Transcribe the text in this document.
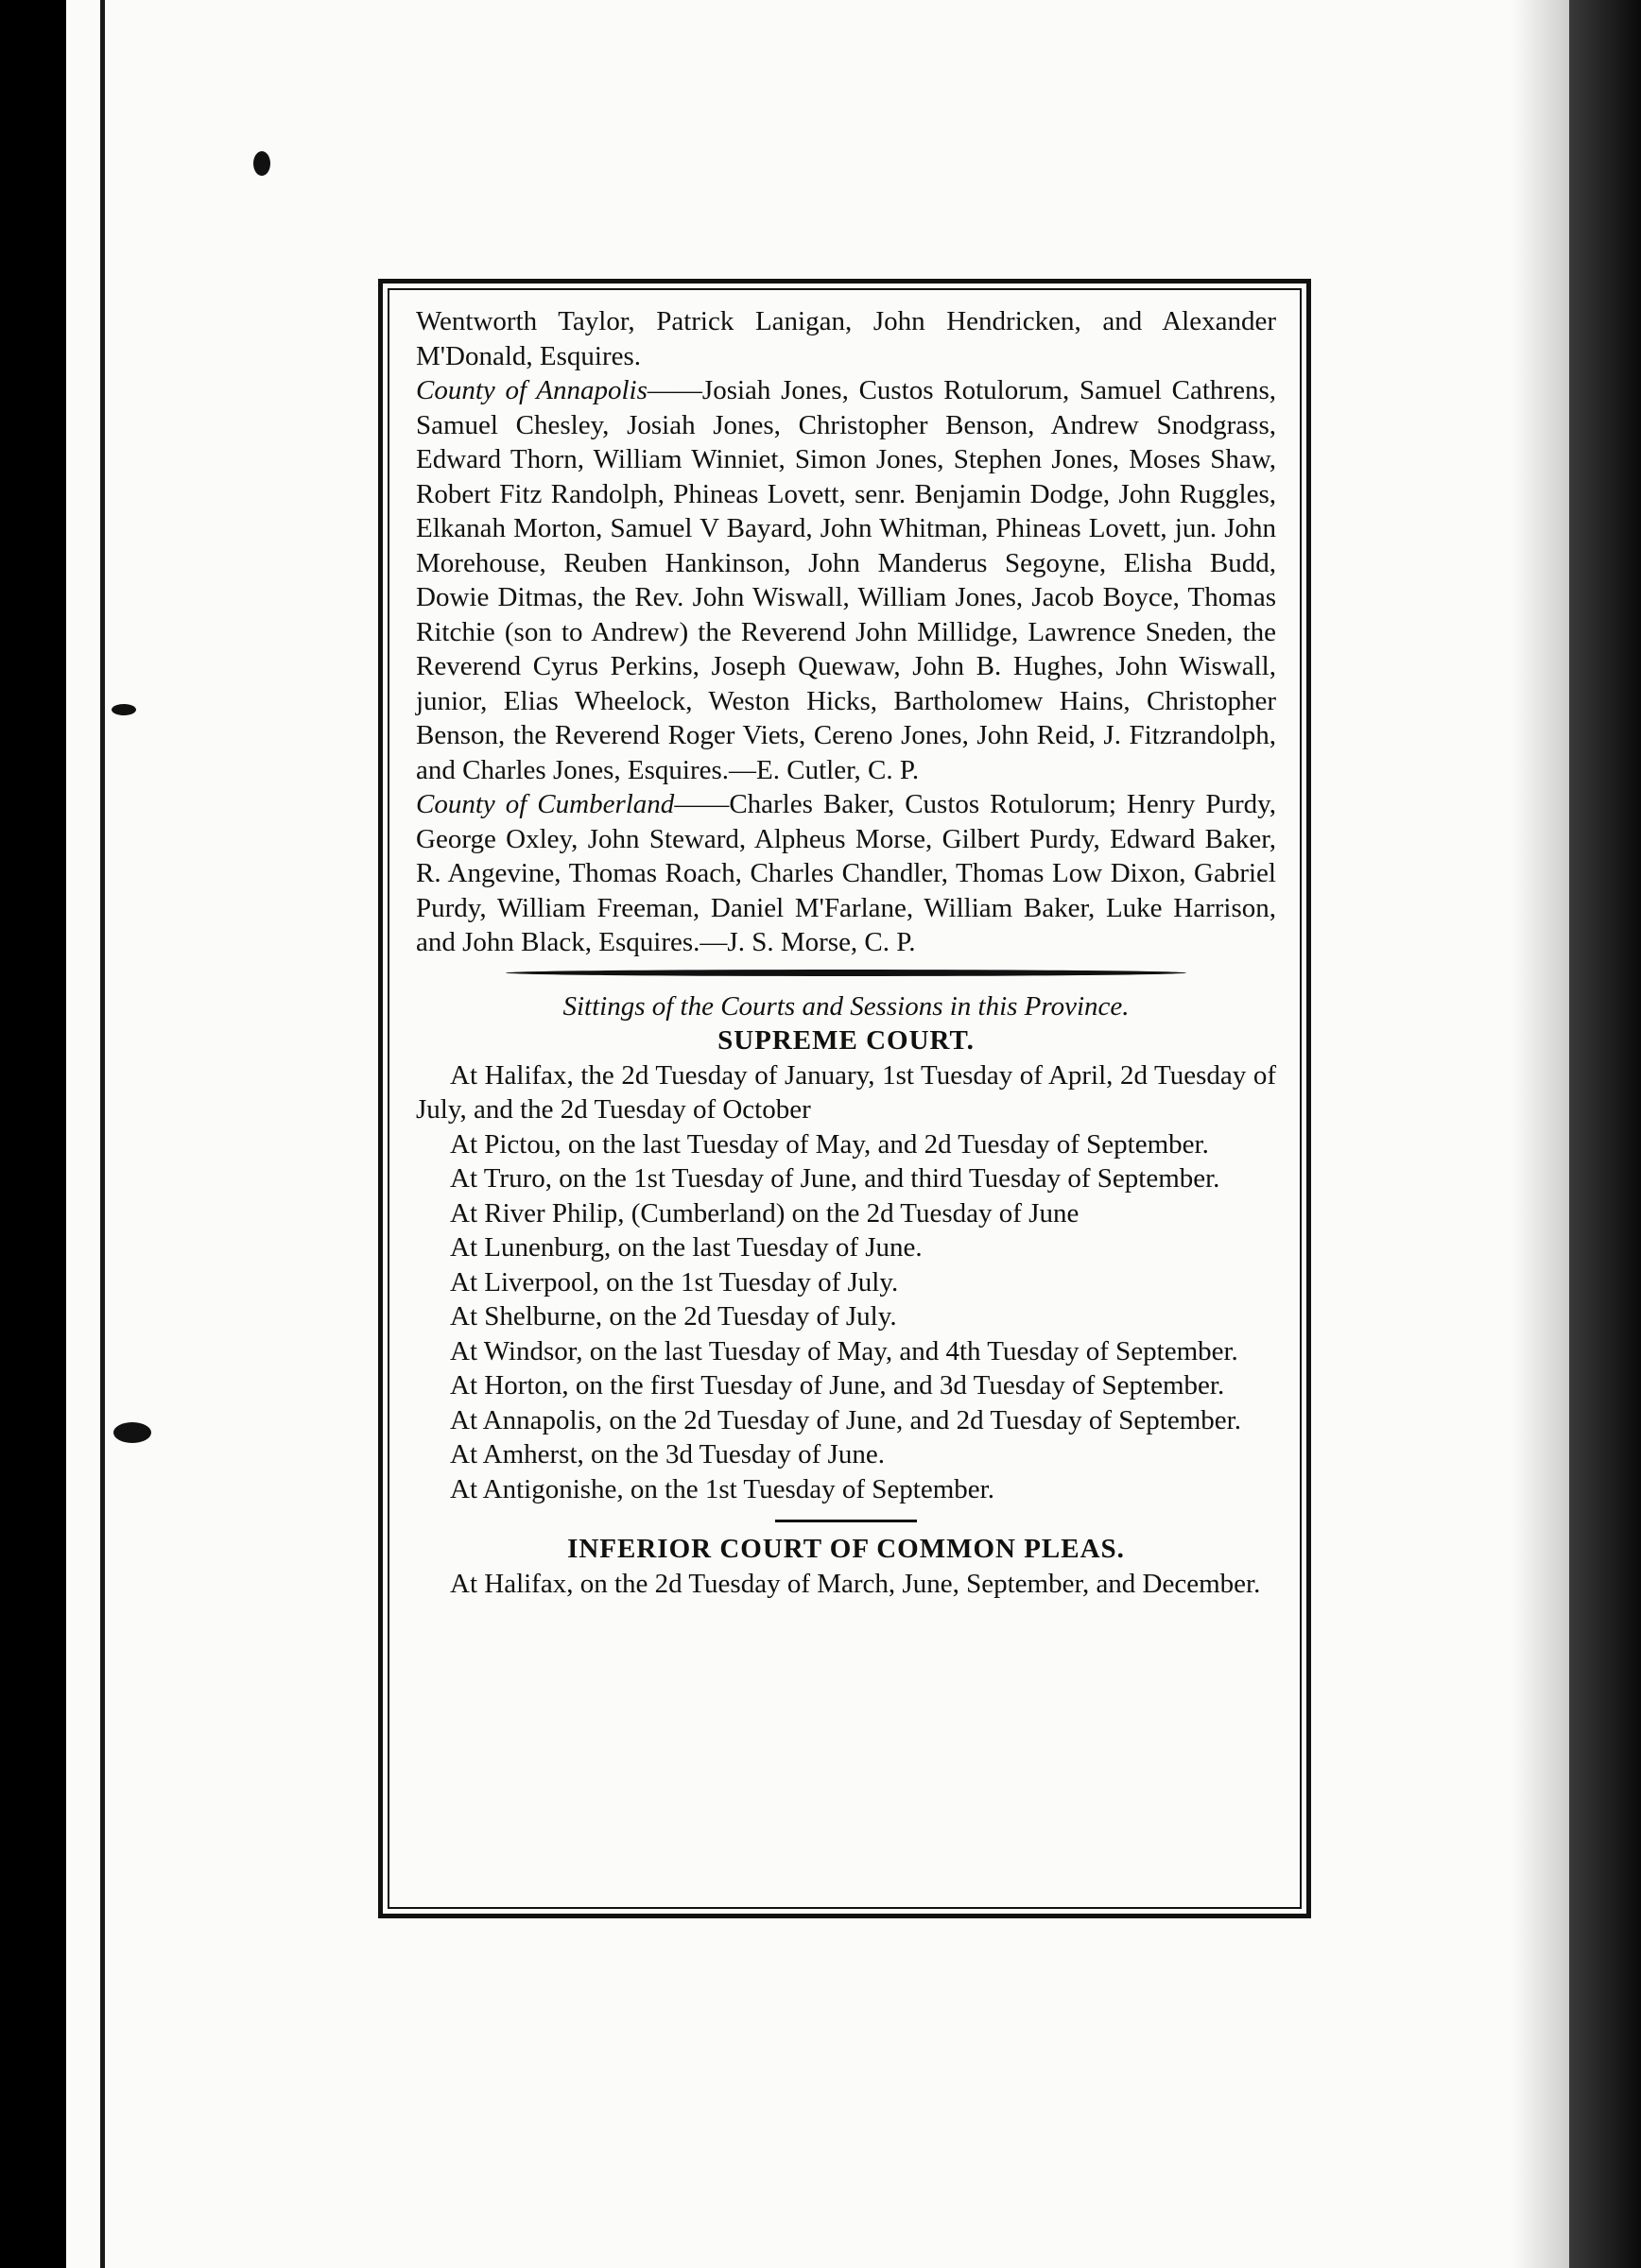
Wentworth Taylor, Patrick Lanigan, John Hendricken, and Alexander M'Donald, Esquires.

County of Annapolis——Josiah Jones, Custos Rotulorum, Samuel Cathrens, Samuel Chesley, Josiah Jones, Christopher Benson, Andrew Snodgrass, Edward Thorn, William Winniet, Simon Jones, Stephen Jones, Moses Shaw, Robert Fitz Randolph, Phineas Lovett, senr. Benjamin Dodge, John Ruggles, Elkanah Morton, Samuel V Bayard, John Whitman, Phineas Lovett, jun. John Morehouse, Reuben Hankinson, John Manderus Segoyne, Elisha Budd, Dowie Ditmas, the Rev. John Wiswall, William Jones, Jacob Boyce, Thomas Ritchie (son to Andrew) the Reverend John Millidge, Lawrence Sneden, the Reverend Cyrus Perkins, Joseph Quewaw, John B. Hughes, John Wiswall, junior, Elias Wheelock, Weston Hicks, Bartholomew Hains, Christopher Benson, the Reverend Roger Viets, Cereno Jones, John Reid, J. Fitzrandolph, and Charles Jones, Esquires.—E. Cutler, C. P.

County of Cumberland——Charles Baker, Custos Rotulorum; Henry Purdy, George Oxley, John Steward, Alpheus Morse, Gilbert Purdy, Edward Baker, R. Angevine, Thomas Roach, Charles Chandler, Thomas Low Dixon, Gabriel Purdy, William Freeman, Daniel M'Farlane, William Baker, Luke Harrison, and John Black, Esquires.—J. S. Morse, C. P.

Sittings of the Courts and Sessions in this Province.

SUPREME COURT.

At Halifax, the 2d Tuesday of January, 1st Tuesday of April, 2d Tuesday of July, and the 2d Tuesday of October

At Pictou, on the last Tuesday of May, and 2d Tuesday of September.

At Truro, on the 1st Tuesday of June, and third Tuesday of September.

At River Philip, (Cumberland) on the 2d Tuesday of June

At Lunenburg, on the last Tuesday of June.

At Liverpool, on the 1st Tuesday of July.

At Shelburne, on the 2d Tuesday of July.

At Windsor, on the last Tuesday of May, and 4th Tuesday of September.

At Horton, on the first Tuesday of June, and 3d Tuesday of September.

At Annapolis, on the 2d Tuesday of June, and 2d Tuesday of September.

At Amherst, on the 3d Tuesday of June.

At Antigonishe, on the 1st Tuesday of September.

INFERIOR COURT OF COMMON PLEAS.

At Halifax, on the 2d Tuesday of March, June, September, and December.
